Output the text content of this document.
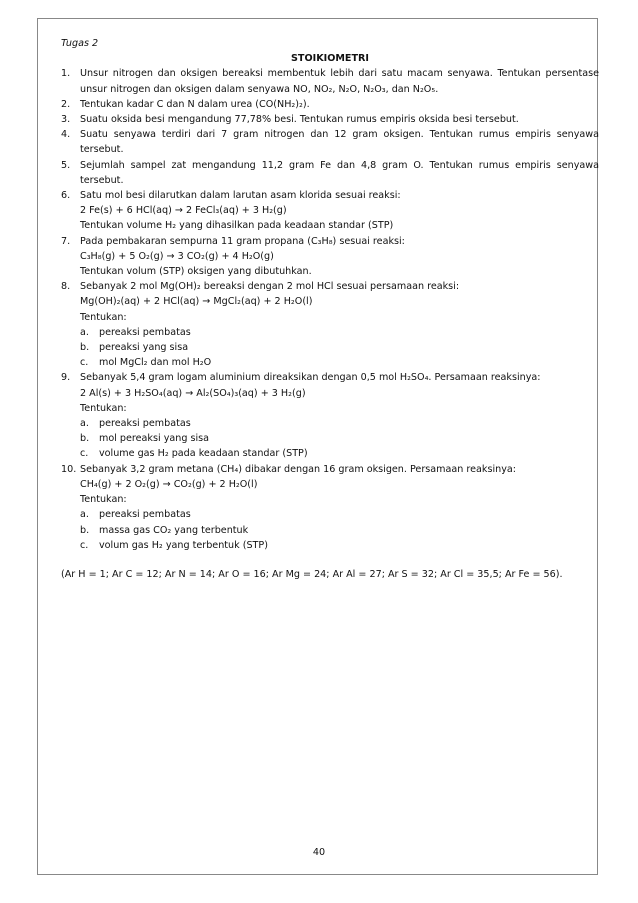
Tugas 2
STOIKIOMETRI
1.	Unsur nitrogen dan oksigen bereaksi membentuk lebih dari satu macam senyawa. Tentukan persentase unsur nitrogen dan oksigen dalam senyawa NO, NO₂, N₂O, N₂O₃, dan N₂O₅.
2.	Tentukan kadar C dan N dalam urea (CO(NH₂)₂).
3.	Suatu oksida besi mengandung 77,78% besi. Tentukan rumus empiris oksida besi tersebut.
4.	Suatu senyawa terdiri dari 7 gram nitrogen dan 12 gram oksigen. Tentukan rumus empiris senyawa tersebut.
5.	Sejumlah sampel zat mengandung 11,2 gram Fe dan 4,8 gram O. Tentukan rumus empiris senyawa tersebut.
6.	Satu mol besi dilarutkan dalam larutan asam klorida sesuai reaksi:
2 Fe(s) + 6 HCl(aq) → 2 FeCl₃(aq) + 3 H₂(g)
Tentukan volume H₂ yang dihasilkan pada keadaan standar (STP)
7.	Pada pembakaran sempurna 11 gram propana (C₃H₈) sesuai reaksi:
C₃H₈(g) + 5 O₂(g) → 3 CO₂(g) + 4 H₂O(g)
Tentukan volum (STP) oksigen yang dibutuhkan.
8.	Sebanyak 2 mol Mg(OH)₂ bereaksi dengan 2 mol HCl sesuai persamaan reaksi:
Mg(OH)₂(aq) + 2 HCl(aq) → MgCl₂(aq) + 2 H₂O(l)
Tentukan:
a.	pereaksi pembatas
b.	pereaksi yang sisa
c.	mol MgCl₂ dan mol H₂O
9.	Sebanyak 5,4 gram logam aluminium direaksikan dengan 0,5 mol H₂SO₄. Persamaan reaksinya:
2 Al(s) + 3 H₂SO₄(aq) → Al₂(SO₄)₃(aq) + 3 H₂(g)
Tentukan:
a.	pereaksi pembatas
b.	mol pereaksi yang sisa
c.	volume gas H₂ pada keadaan standar (STP)
10. Sebanyak 3,2 gram metana (CH₄) dibakar dengan 16 gram oksigen. Persamaan reaksinya:
CH₄(g) + 2 O₂(g) → CO₂(g) + 2 H₂O(l)
Tentukan:
a.	pereaksi pembatas
b.	massa gas CO₂ yang terbentuk
c.	volum gas H₂ yang terbentuk (STP)
(Ar H = 1; Ar C = 12; Ar N = 14; Ar O = 16; Ar Mg = 24; Ar Al = 27; Ar S = 32; Ar Cl = 35,5; Ar Fe = 56).
40
